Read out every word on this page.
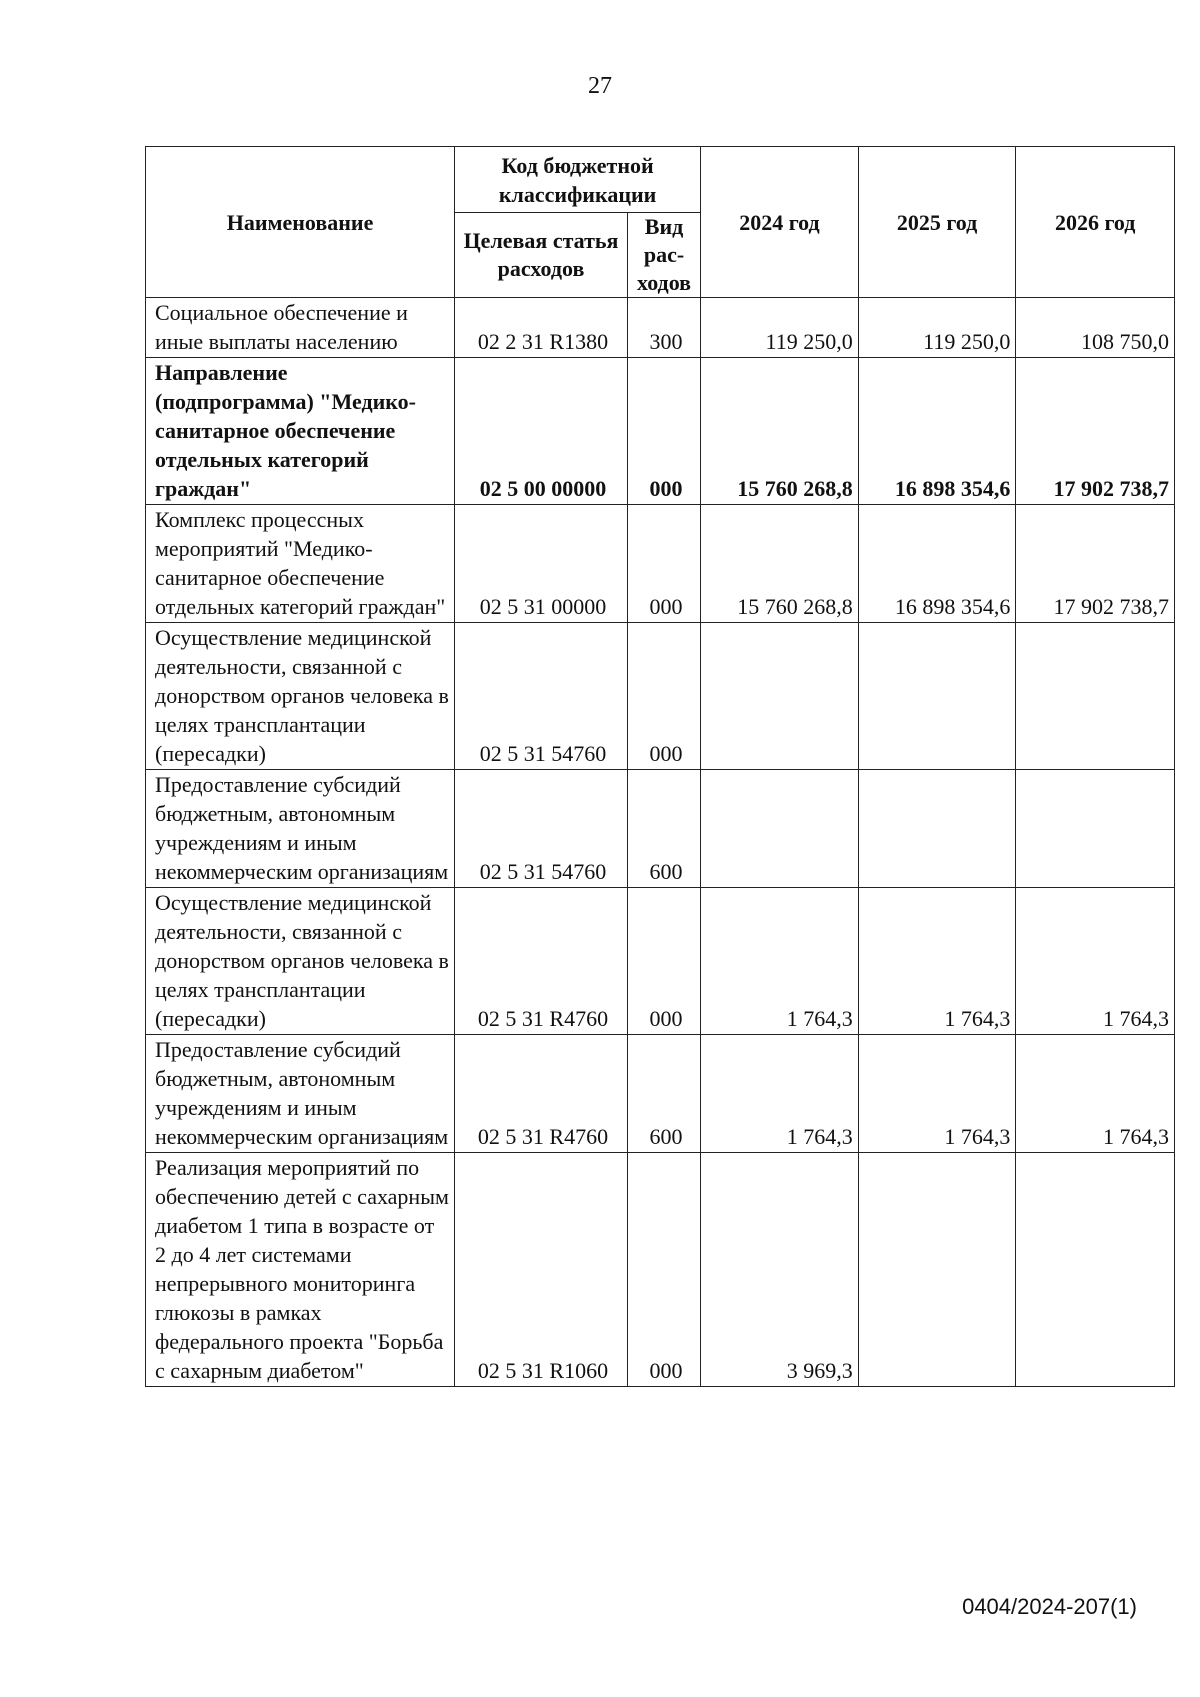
27
Наименование	Код бюджетной классификации		2024 год	2025 год	2026 год
	Целевая статья расходов	Вид рас-ходов			
Социальное обеспечение и иные выплаты населению	02 2 31 R1380	300	119 250,0	119 250,0	108 750,0
Направление (подпрограмма) "Медико-санитарное обеспечение отдельных категорий граждан"	02 5 00 00000	000	15 760 268,8	16 898 354,6	17 902 738,7
Комплекс процессных мероприятий "Медико-санитарное обеспечение отдельных категорий граждан"	02 5 31 00000	000	15 760 268,8	16 898 354,6	17 902 738,7
Осуществление медицинской деятельности, связанной с донорством органов человека в целях трансплантации (пересадки)	02 5 31 54760	000			
Предоставление субсидий бюджетным, автономным учреждениям и иным некоммерческим организациям	02 5 31 54760	600			
Осуществление медицинской деятельности, связанной с донорством органов человека в целях трансплантации (пересадки)	02 5 31 R4760	000	1 764,3	1 764,3	1 764,3
Предоставление субсидий бюджетным, автономным учреждениям и иным некоммерческим организациям	02 5 31 R4760	600	1 764,3	1 764,3	1 764,3
Реализация мероприятий по обеспечению детей с сахарным диабетом 1 типа в возрасте от 2 до 4 лет системами непрерывного мониторинга глюкозы в рамках федерального проекта "Борьба с сахарным диабетом"	02 5 31 R1060	000	3 969,3		
0404/2024-207(1)
